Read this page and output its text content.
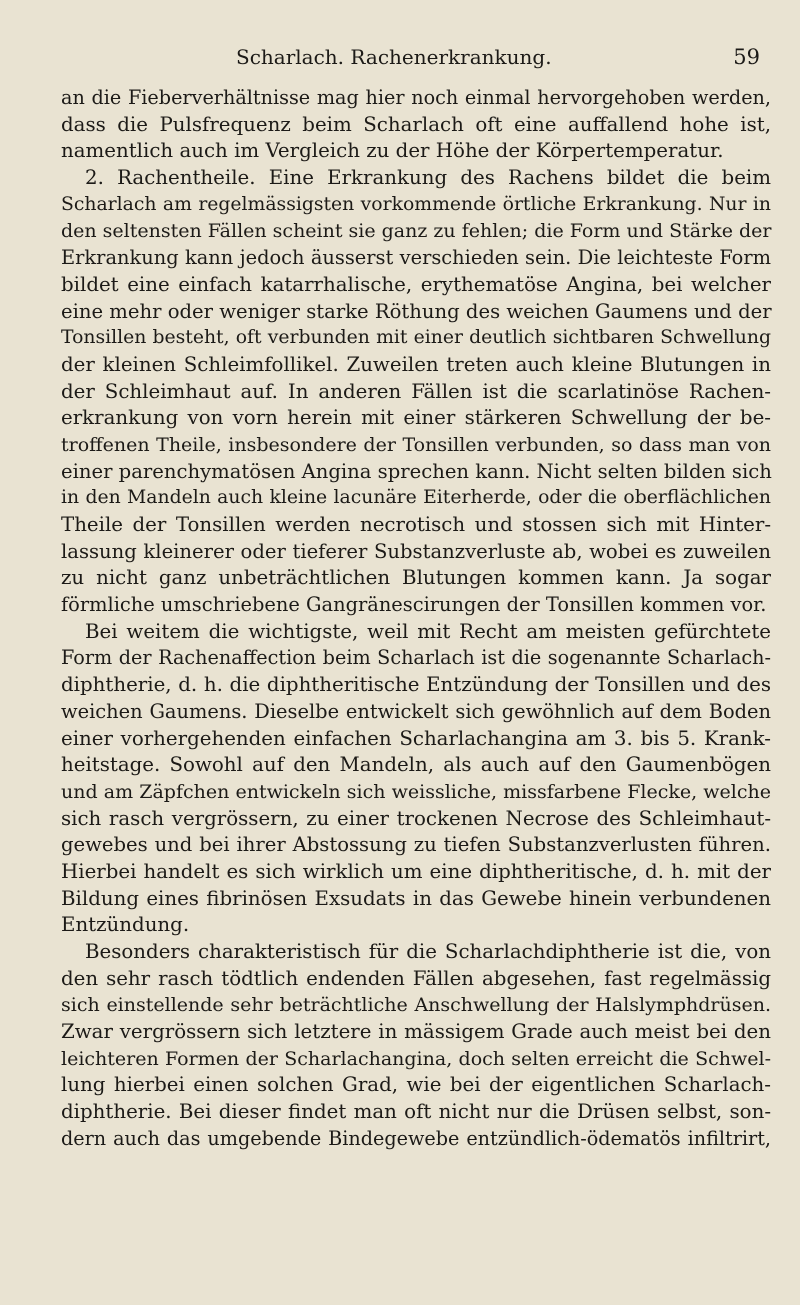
Scharlach. Rachenerkrankung.	59
an die Fieberverhältnisse mag hier noch einmal hervorgehoben werden,
dass die Pulsfrequenz beim Scharlach oft eine auffallend hohe ist,
namentlich auch im Vergleich zu der Höhe der Körpertemperatur.
2. Rachentheile. Eine Erkrankung des Rachens bildet die beim
Scharlach am regelmässigsten vorkommende örtliche Erkrankung. Nur in
den seltensten Fällen scheint sie ganz zu fehlen; die Form und Stärke der
Erkrankung kann jedoch äusserst verschieden sein. Die leichteste Form
bildet eine einfach katarrhalische, erythematöse Angina, bei welcher
eine mehr oder weniger starke Röthung des weichen Gaumens und der
Tonsillen besteht, oft verbunden mit einer deutlich sichtbaren Schwellung
der kleinen Schleimfollikel. Zuweilen treten auch kleine Blutungen in
der Schleimhaut auf. In anderen Fällen ist die scarlatinöse Rachen-
erkrankung von vorn herein mit einer stärkeren Schwellung der be-
troffenen Theile, insbesondere der Tonsillen verbunden, so dass man von
einer parenchymatösen Angina sprechen kann. Nicht selten bilden sich
in den Mandeln auch kleine lacunäre Eiterherde, oder die oberflächlichen
Theile der Tonsillen werden necrotisch und stossen sich mit Hinter-
lassung kleinerer oder tieferer Substanzverluste ab, wobei es zuweilen
zu nicht ganz unbeträchtlichen Blutungen kommen kann. Ja sogar
förmliche umschriebene Gangränescirungen der Tonsillen kommen vor.
Bei weitem die wichtigste, weil mit Recht am meisten gefürchtete
Form der Rachenaffection beim Scharlach ist die sogenannte Scharlach-
diphtherie, d. h. die diphtheritische Entzündung der Tonsillen und des
weichen Gaumens. Dieselbe entwickelt sich gewöhnlich auf dem Boden
einer vorhergehenden einfachen Scharlachangina am 3. bis 5. Krank-
heitstage. Sowohl auf den Mandeln, als auch auf den Gaumenbögen
und am Zäpfchen entwickeln sich weissliche, missfarbene Flecke, welche
sich rasch vergrössern, zu einer trockenen Necrose des Schleimhaut-
gewebes und bei ihrer Abstossung zu tiefen Substanzverlusten führen.
Hierbei handelt es sich wirklich um eine diphtheritische, d. h. mit der
Bildung eines fibrinösen Exsudats in das Gewebe hinein verbundenen
Entzündung.
Besonders charakteristisch für die Scharlachdiphtherie ist die, von
den sehr rasch tödtlich endenden Fällen abgesehen, fast regelmässig
sich einstellende sehr beträchtliche Anschwellung der Halslymphdrüsen.
Zwar vergrössern sich letztere in mässigem Grade auch meist bei den
leichteren Formen der Scharlachangina, doch selten erreicht die Schwel-
lung hierbei einen solchen Grad, wie bei der eigentlichen Scharlach-
diphtherie. Bei dieser findet man oft nicht nur die Drüsen selbst, son-
dern auch das umgebende Bindegewebe entzündlich-ödematös infiltrirt,
